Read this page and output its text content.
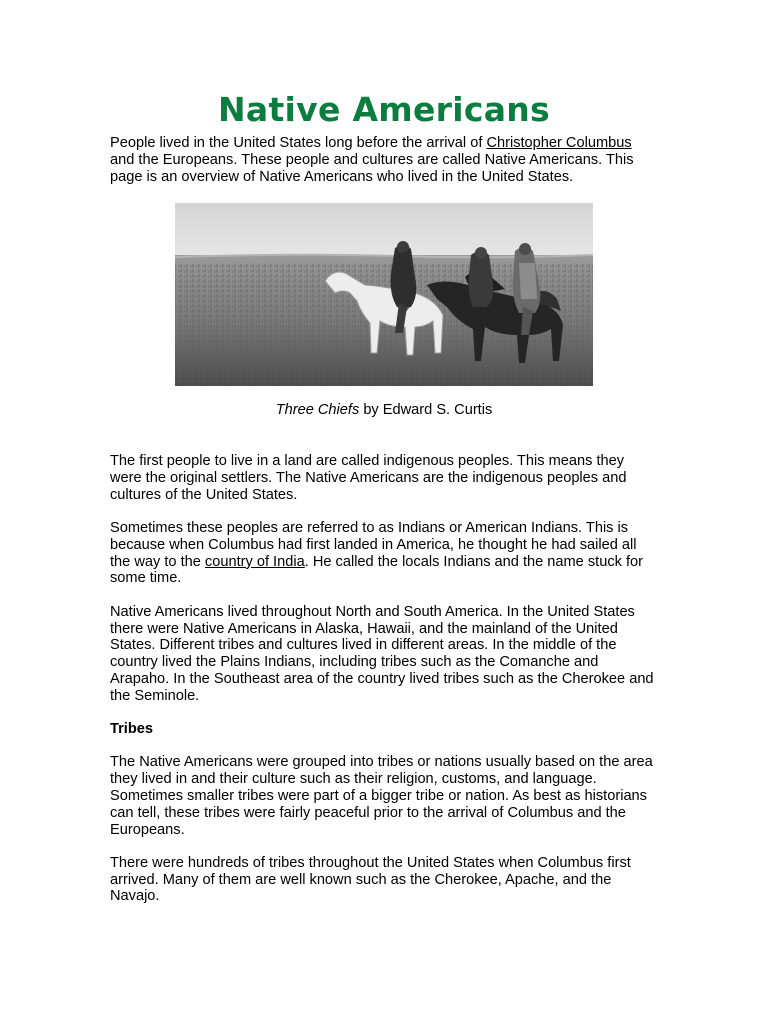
Native Americans

People lived in the United States long before the arrival of Christopher Columbus and the Europeans. These people and cultures are called Native Americans. This page is an overview of Native Americans who lived in the United States.

Three Chiefs by Edward S. Curtis

The first people to live in a land are called indigenous peoples. This means they were the original settlers. The Native Americans are the indigenous peoples and cultures of the United States.

Sometimes these peoples are referred to as Indians or American Indians. This is because when Columbus had first landed in America, he thought he had sailed all the way to the country of India. He called the locals Indians and the name stuck for some time.

Native Americans lived throughout North and South America. In the United States there were Native Americans in Alaska, Hawaii, and the mainland of the United States. Different tribes and cultures lived in different areas. In the middle of the country lived the Plains Indians, including tribes such as the Comanche and Arapaho. In the Southeast area of the country lived tribes such as the Cherokee and the Seminole.

Tribes

The Native Americans were grouped into tribes or nations usually based on the area they lived in and their culture such as their religion, customs, and language. Sometimes smaller tribes were part of a bigger tribe or nation. As best as historians can tell, these tribes were fairly peaceful prior to the arrival of Columbus and the Europeans.

There were hundreds of tribes throughout the United States when Columbus first arrived. Many of them are well known such as the Cherokee, Apache, and the Navajo.
